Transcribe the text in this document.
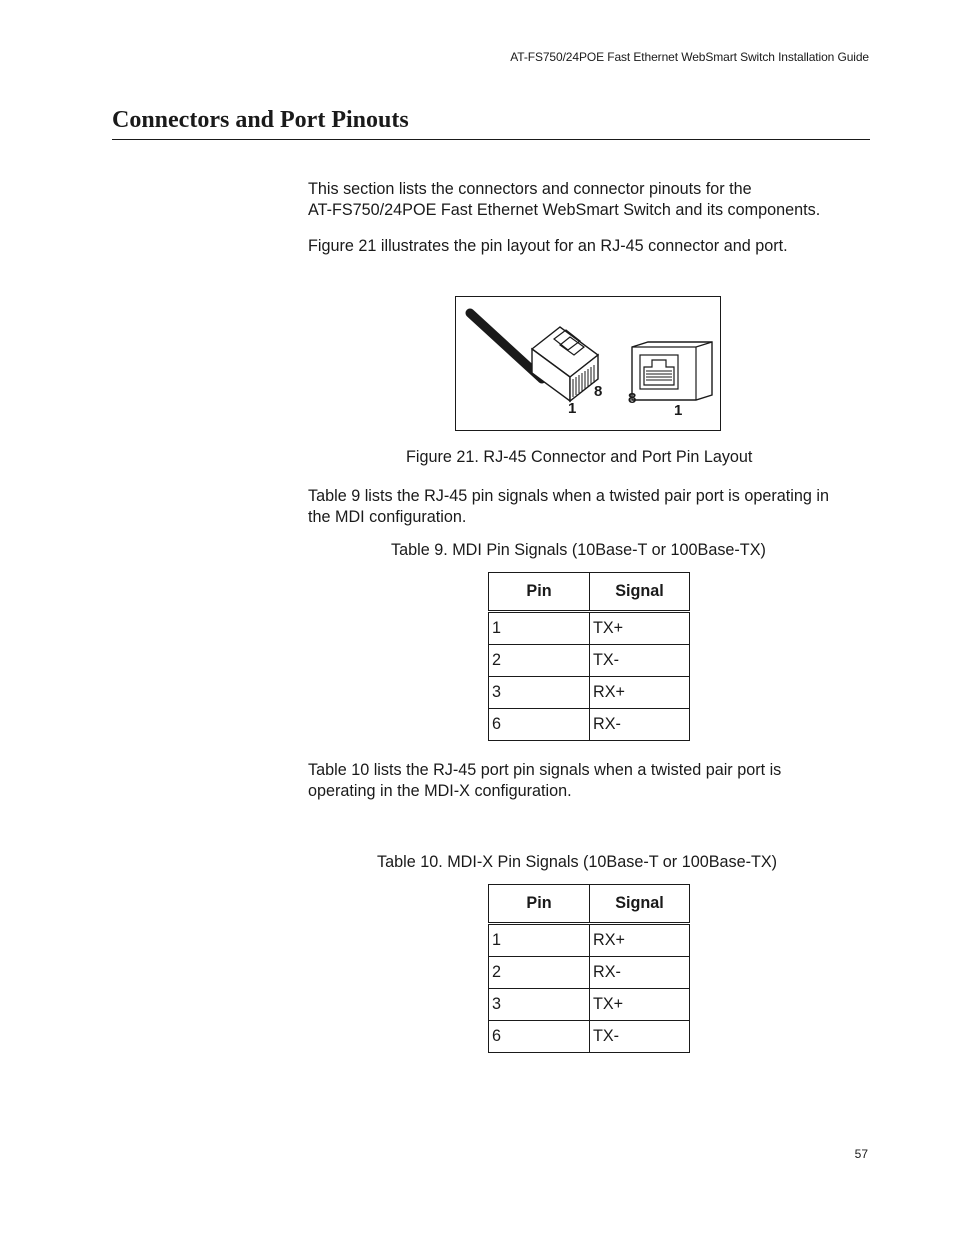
AT-FS750/24POE Fast Ethernet WebSmart Switch Installation Guide
Connectors and Port Pinouts
This section lists the connectors and connector pinouts for the
AT-FS750/24POE Fast Ethernet WebSmart Switch and its components.
Figure 21 illustrates the pin layout for an RJ-45 connector and port.
1
8 8
1
Figure 21. RJ-45 Connector and Port Pin Layout
Table 9 lists the RJ-45 pin signals when a twisted pair port is operating in
the MDI configuration.
Table 9. MDI Pin Signals (10Base-T or 100Base-TX)
Pin	Signal
1	TX+
2	TX-
3	RX+
6	RX-
Table 10 lists the RJ-45 port pin signals when a twisted pair port is
operating in the MDI-X configuration.
Table 10. MDI-X Pin Signals (10Base-T or 100Base-TX)
Pin	Signal
1	RX+
2	RX-
3	TX+
6	TX-
57
